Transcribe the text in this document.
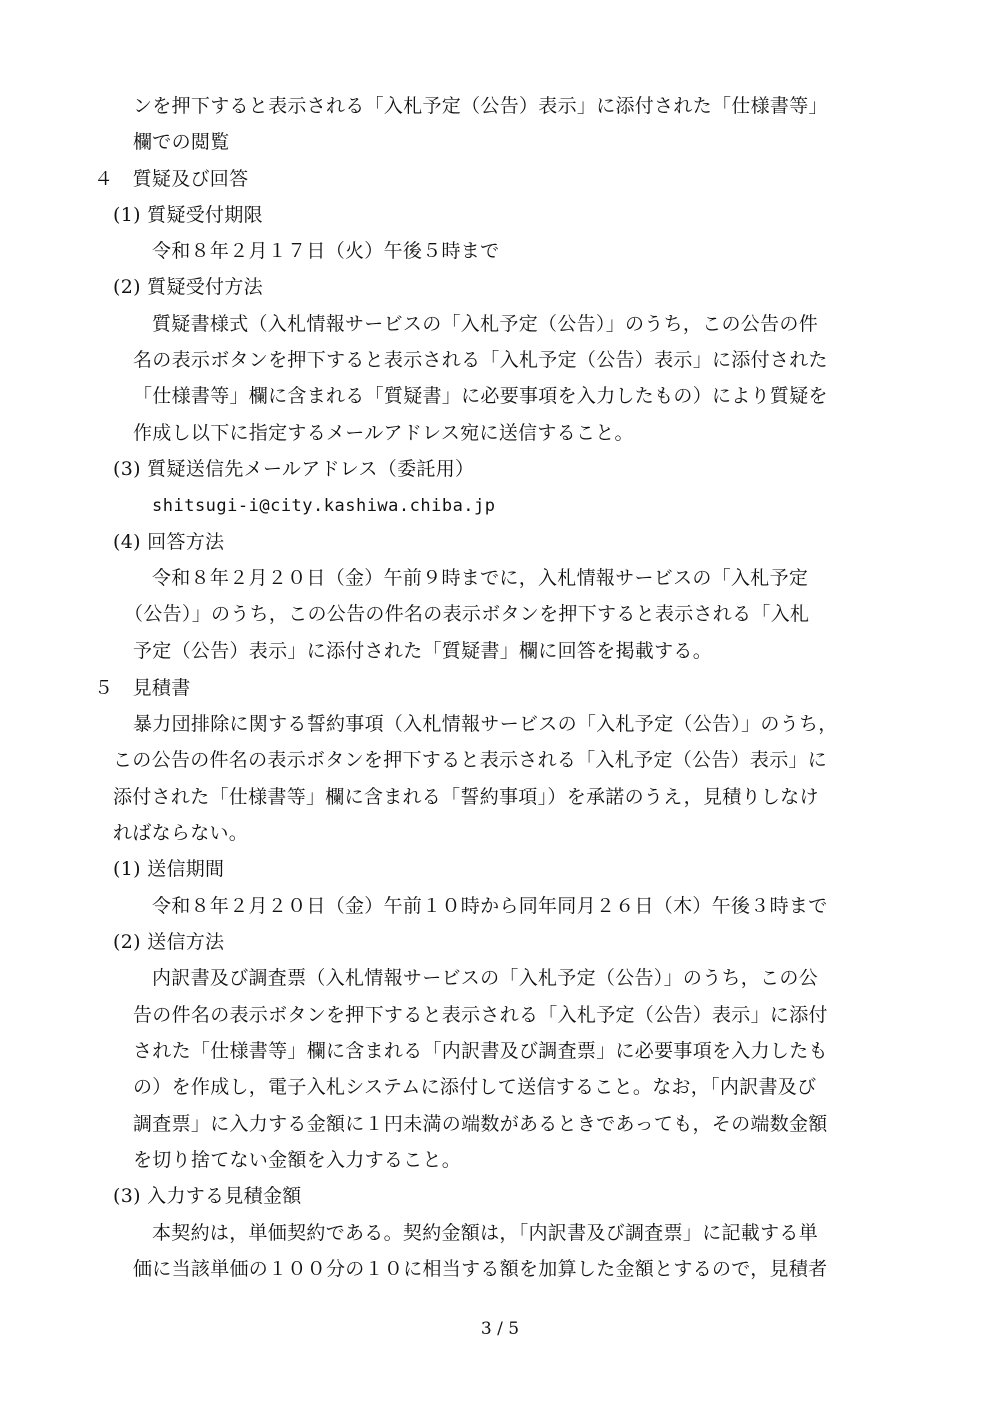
ンを押下すると表示される「入札予定（公告）表示」に添付された「仕様書等」
欄での閲覧
４　質疑及び回答
(1) 質疑受付期限
令和８年２月１７日（火）午後５時まで
(2) 質疑受付方法
質疑書様式（入札情報サービスの「入札予定（公告）」のうち，この公告の件
名の表示ボタンを押下すると表示される「入札予定（公告）表示」に添付された
「仕様書等」欄に含まれる「質疑書」に必要事項を入力したもの）により質疑を
作成し以下に指定するメールアドレス宛に送信すること。
(3) 質疑送信先メールアドレス（委託用）
shitsugi-i@city.kashiwa.chiba.jp
(4) 回答方法
令和８年２月２０日（金）午前９時までに，入札情報サービスの「入札予定
（公告）」のうち，この公告の件名の表示ボタンを押下すると表示される「入札
予定（公告）表示」に添付された「質疑書」欄に回答を掲載する。
５　見積書
暴力団排除に関する誓約事項（入札情報サービスの「入札予定（公告）」のうち，
この公告の件名の表示ボタンを押下すると表示される「入札予定（公告）表示」に
添付された「仕様書等」欄に含まれる「誓約事項」）を承諾のうえ，見積りしなけ
ればならない。
(1) 送信期間
令和８年２月２０日（金）午前１０時から同年同月２６日（木）午後３時まで
(2) 送信方法
内訳書及び調査票（入札情報サービスの「入札予定（公告）」のうち，この公
告の件名の表示ボタンを押下すると表示される「入札予定（公告）表示」に添付
された「仕様書等」欄に含まれる「内訳書及び調査票」に必要事項を入力したも
の）を作成し，電子入札システムに添付して送信すること。なお，「内訳書及び
調査票」に入力する金額に１円未満の端数があるときであっても，その端数金額
を切り捨てない金額を入力すること。
(3) 入力する見積金額
本契約は，単価契約である。契約金額は，「内訳書及び調査票」に記載する単
価に当該単価の１００分の１０に相当する額を加算した金額とするので，見積者
3 / 5
